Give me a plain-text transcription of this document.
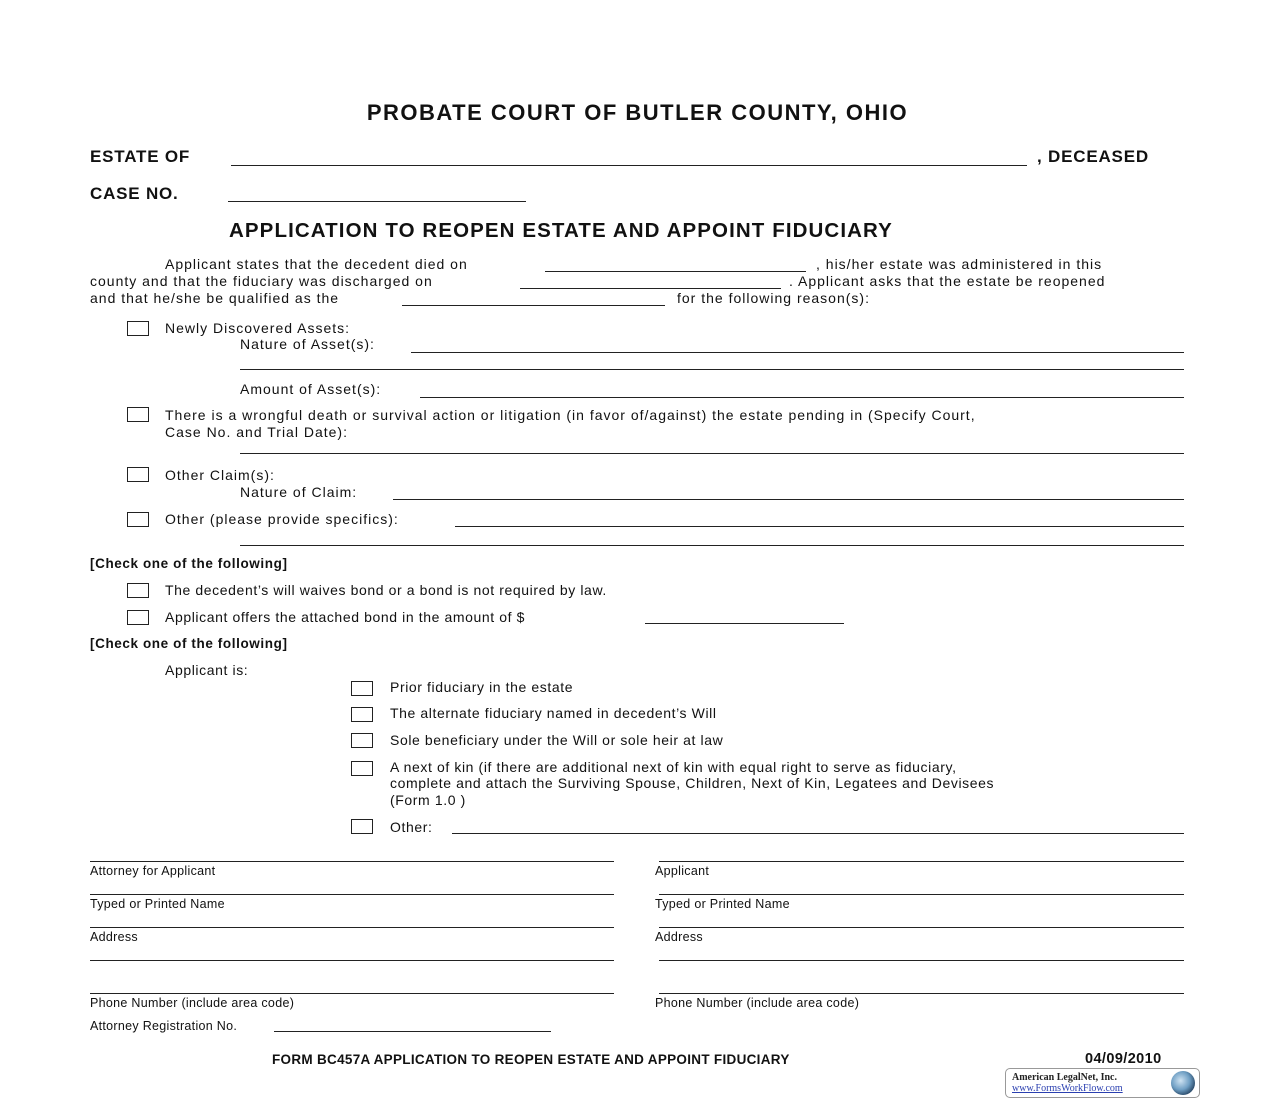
PROBATE COURT OF BUTLER COUNTY, OHIO
ESTATE OF	, DECEASED
CASE NO.
APPLICATION TO REOPEN ESTATE AND APPOINT FIDUCIARY
Applicant states that the decedent died on	, his/her estate was administered in this
county and that the fiduciary was discharged on	. Applicant asks that the estate be reopened
and that he/she be qualified as the	for the following reason(s):
Newly Discovered Assets:
Nature of Asset(s):
Amount of Asset(s):
There is a wrongful death or survival action or litigation (in favor of/against) the estate pending in (Specify Court,
Case No. and Trial Date):
Other Claim(s):
Nature of Claim:
Other (please provide specifics):
[Check one of the following]
The decedent’s will waives bond or a bond is not required by law.
Applicant offers the attached bond in the amount of $
[Check one of the following]
Applicant is:
Prior fiduciary in the estate
The alternate fiduciary named in decedent’s Will
Sole beneficiary under the Will or sole heir at law
A next of kin (if there are additional next of kin with equal right to serve as fiduciary,
complete and attach the Surviving Spouse, Children, Next of Kin, Legatees and Devisees
(Form 1.0 )
Other:
Attorney for Applicant
Typed or Printed Name
Address
Phone Number (include area code)
Attorney Registration No.
Applicant
Typed or Printed Name
Address
Phone Number (include area code)
FORM BC457A APPLICATION TO REOPEN ESTATE AND APPOINT FIDUCIARY	04/09/2010
American LegalNet, Inc.
www.FormsWorkFlow.com
